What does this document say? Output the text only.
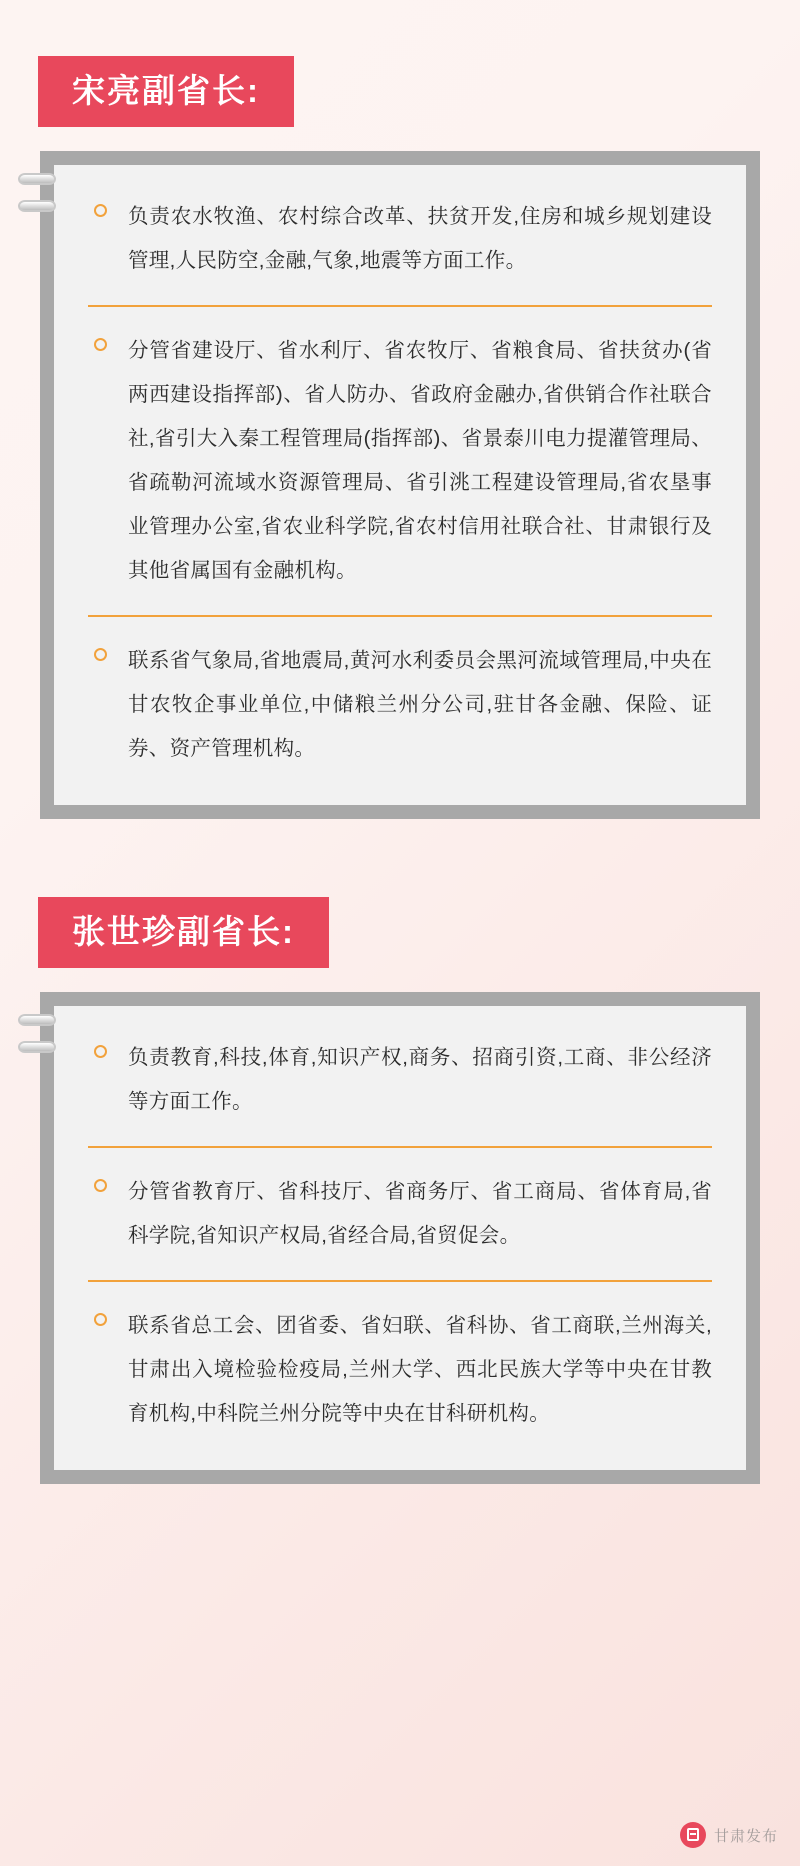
宋亮副省长:
负责农水牧渔、农村综合改革、扶贫开发,住房和城乡规划建设管理,人民防空,金融,气象,地震等方面工作。
分管省建设厅、省水利厅、省农牧厅、省粮食局、省扶贫办(省两西建设指挥部)、省人防办、省政府金融办,省供销合作社联合社,省引大入秦工程管理局(指挥部)、省景泰川电力提灌管理局、省疏勒河流域水资源管理局、省引洮工程建设管理局,省农垦事业管理办公室,省农业科学院,省农村信用社联合社、甘肃银行及其他省属国有金融机构。
联系省气象局,省地震局,黄河水利委员会黑河流域管理局,中央在甘农牧企事业单位,中储粮兰州分公司,驻甘各金融、保险、证券、资产管理机构。
张世珍副省长:
负责教育,科技,体育,知识产权,商务、招商引资,工商、非公经济等方面工作。
分管省教育厅、省科技厅、省商务厅、省工商局、省体育局,省科学院,省知识产权局,省经合局,省贸促会。
联系省总工会、团省委、省妇联、省科协、省工商联,兰州海关,甘肃出入境检验检疫局,兰州大学、西北民族大学等中央在甘教育机构,中科院兰州分院等中央在甘科研机构。
甘肃发布
